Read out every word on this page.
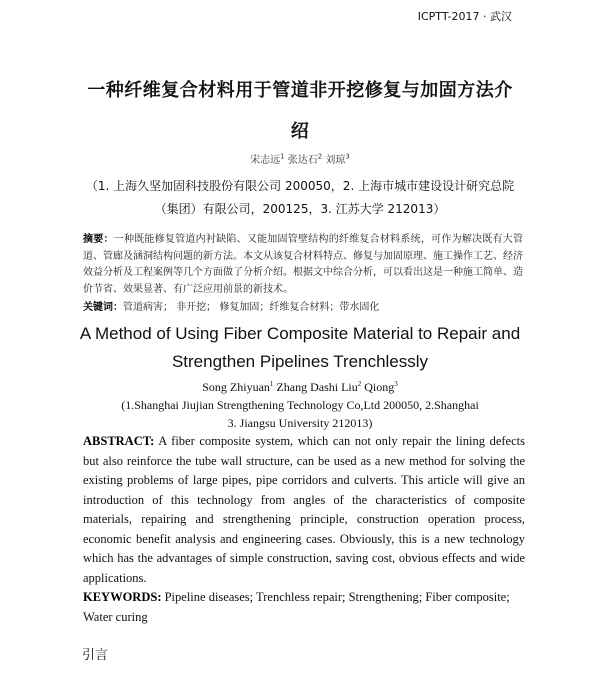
ICPTT-2017 · 武汉
一种纤维复合材料用于管道非开挖修复与加固方法介
绍
宋志远$^1$ 张达石$^2$ 刘琼$^3$
（1. 上海久坚加固科技股份有限公司 200050，2. 上海市城市建设设计研究总院
（集团）有限公司，200125，3. 江苏大学 212013）
摘要：一种既能修复管道内衬缺陷、又能加固管壁结构的纤维复合材料系统，可作为解决既有大管道、管廊及涵洞结构问题的新方法。本文从该复合材料特点、修复与加固原理、施工操作工艺、经济效益分析及工程案例等几个方面做了分析介绍。根据文中综合分析，可以看出这是一种施工简单、造价节省、效果显著、有广泛应用前景的新技术。
关键词：管道病害； 非开挖； 修复加固；纤维复合材料；带水固化
A Method of Using Fiber Composite Material to Repair and
Strengthen Pipelines Trenchlessly
Song Zhiyuan$^1$ Zhang Dashi Liu$^2$ Qiong$^3$
(1.Shanghai Jiujian Strengthening Technology Co,Ltd 200050, 2.Shanghai
3. Jiangsu University 212013)
ABSTRACT: A fiber composite system, which can not only repair the lining defects but also reinforce the tube wall structure, can be used as a new method for solving the existing problems of large pipes, pipe corridors and culverts. This article will give an introduction of this technology from angles of the characteristics of composite materials, repairing and strengthening principle, construction operation process, economic benefit analysis and engineering cases. Obviously, this is a new technology which has the advantages of simple construction, saving cost, obvious effects and wide applications.
KEYWORDS: Pipeline diseases; Trenchless repair; Strengthening; Fiber composite; Water curing
引言
